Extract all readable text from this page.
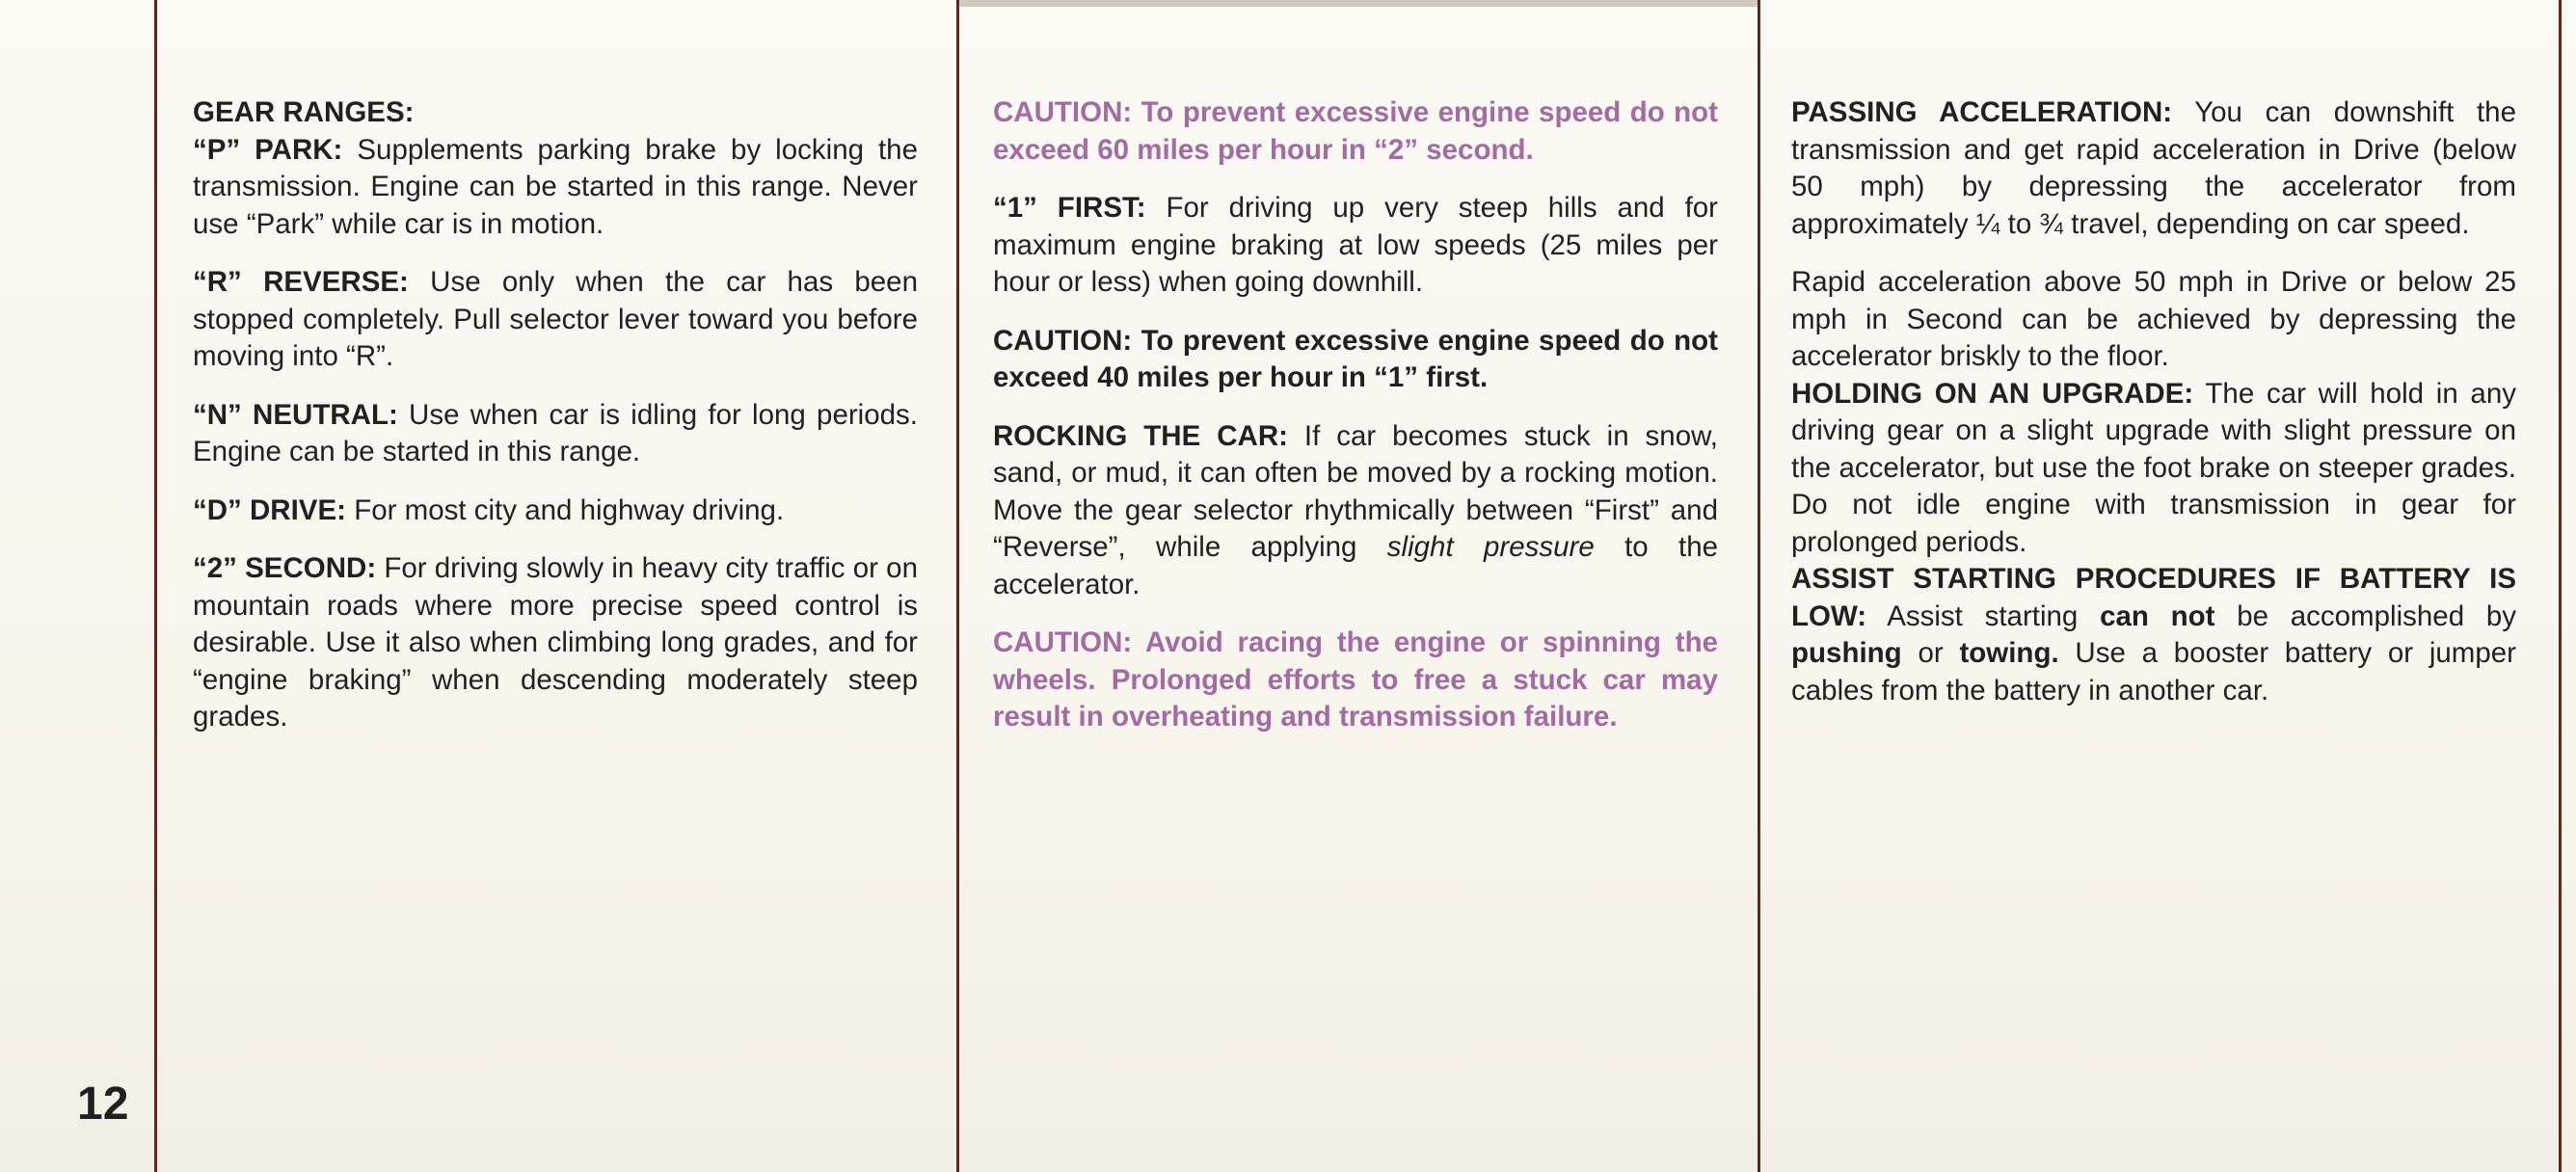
12

GEAR RANGES:

“P” PARK: Supplements parking brake by locking the transmission. Engine can be started in this range. Never use “Park” while car is in motion.

“R” REVERSE: Use only when the car has been stopped completely. Pull selector lever toward you before moving into “R”.

“N” NEUTRAL: Use when car is idling for long periods. Engine can be started in this range.

“D” DRIVE: For most city and highway driving.

“2” SECOND: For driving slowly in heavy city traffic or on mountain roads where more precise speed control is desirable. Use it also when climbing long grades, and for “engine braking” when descending moderately steep grades.

CAUTION: To prevent excessive engine speed do not exceed 60 miles per hour in “2” second.

“1” FIRST: For driving up very steep hills and for maximum engine braking at low speeds (25 miles per hour or less) when going downhill.

CAUTION: To prevent excessive engine speed do not exceed 40 miles per hour in “1” first.

ROCKING THE CAR: If car becomes stuck in snow, sand, or mud, it can often be moved by a rocking motion. Move the gear selector rhythmically between “First” and “Reverse”, while applying slight pressure to the accelerator.

CAUTION: Avoid racing the engine or spinning the wheels. Prolonged efforts to free a stuck car may result in overheating and transmission failure.

PASSING ACCELERATION: You can downshift the transmission and get rapid acceleration in Drive (below 50 mph) by depressing the accelerator from approximately ¼ to ¾ travel, depending on car speed.

Rapid acceleration above 50 mph in Drive or below 25 mph in Second can be achieved by depressing the accelerator briskly to the floor.

HOLDING ON AN UPGRADE: The car will hold in any driving gear on a slight upgrade with slight pressure on the accelerator, but use the foot brake on steeper grades. Do not idle engine with transmission in gear for prolonged periods.

ASSIST STARTING PROCEDURES IF BATTERY IS LOW: Assist starting can not be accomplished by pushing or towing. Use a booster battery or jumper cables from the battery in another car.
